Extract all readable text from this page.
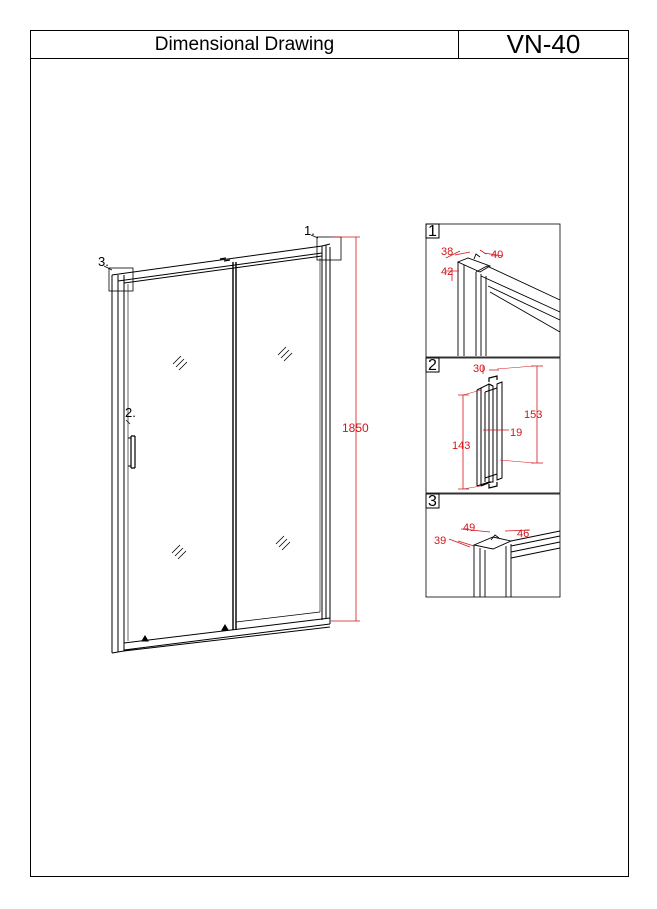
Dimensional Drawing	VN-40
1850
3.
1.
2.
1
38	40
42
2	30
153
19
143
3
49	46
39
